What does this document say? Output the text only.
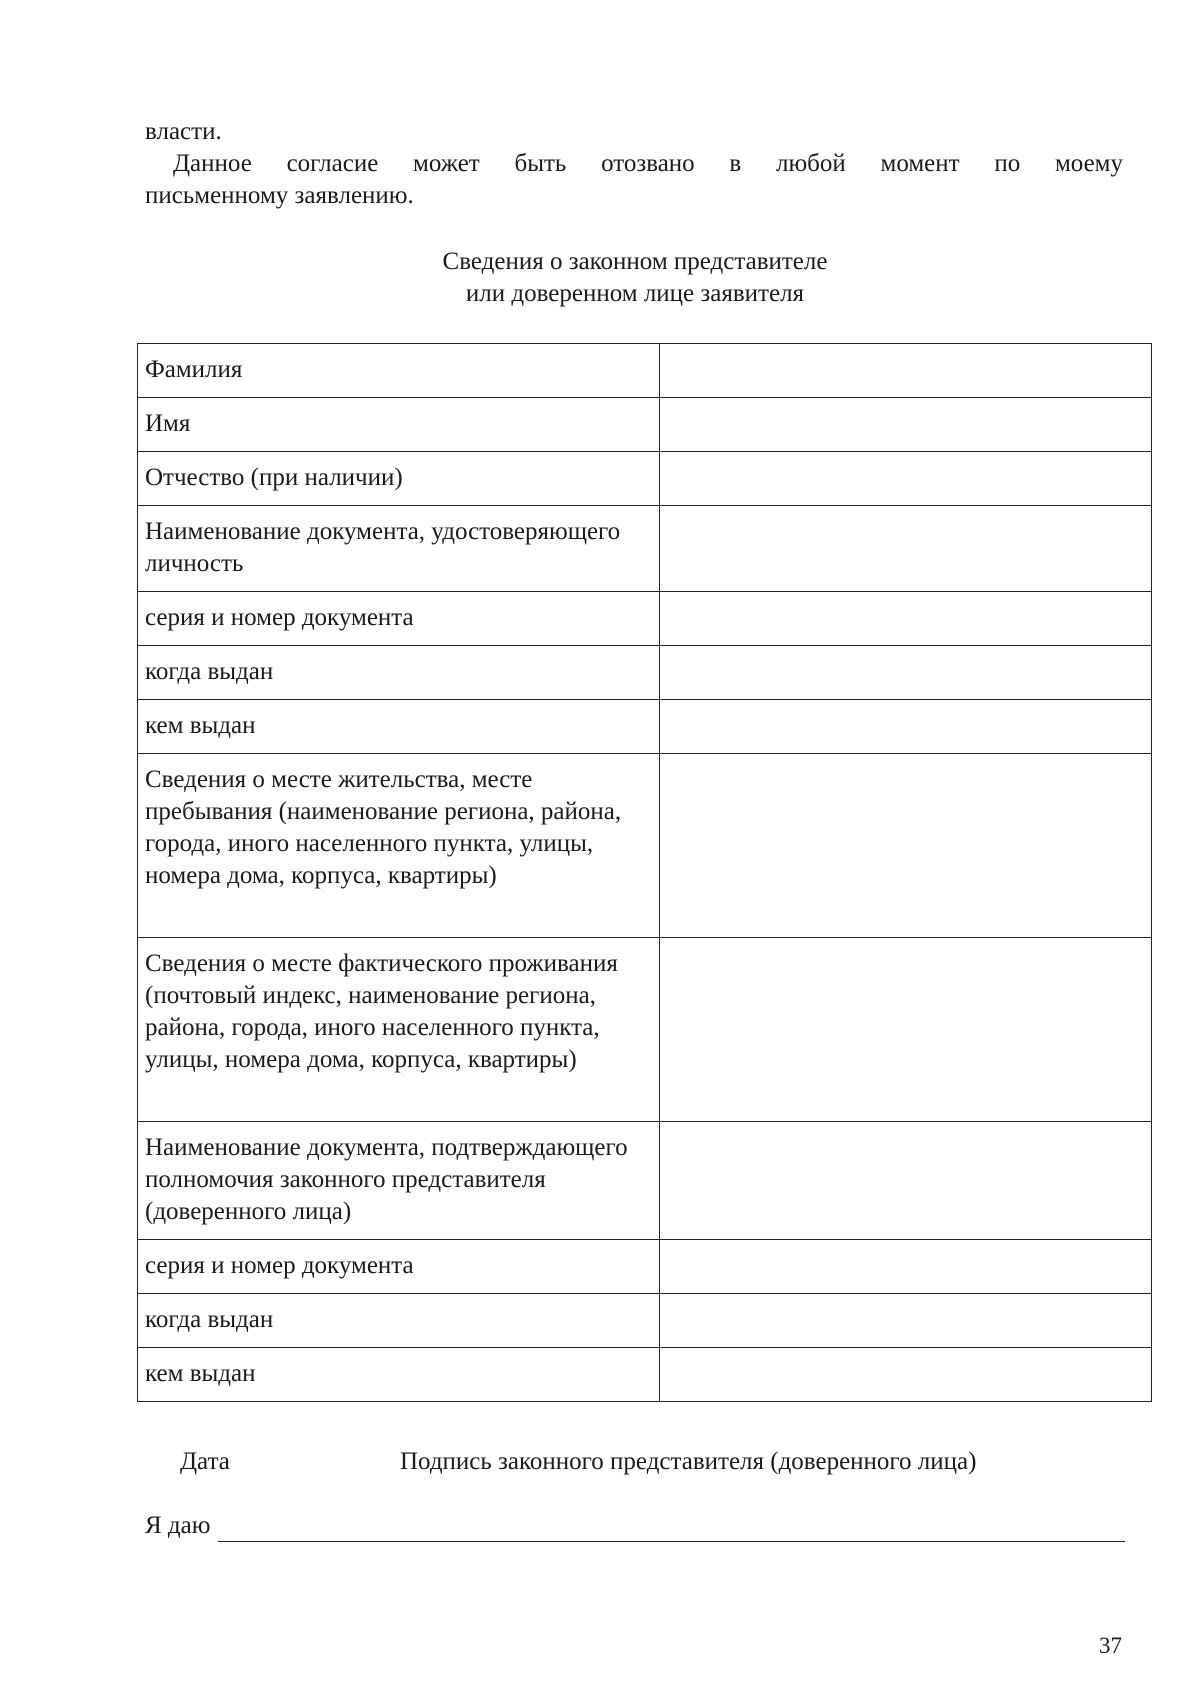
власти.
Данное согласие может быть отозвано в любой момент по моему
письменному заявлению.
Сведения о законном представителе
или доверенном лице заявителя
Фамилия	
Имя	
Отчество (при наличии)	
Наименование документа, удостоверяющего личность	
серия и номер документа	
когда выдан	
кем выдан	
Сведения о месте жительства, месте пребывания (наименование региона, района, города, иного населенного пункта, улицы, номера дома, корпуса, квартиры)	
Сведения о месте фактического проживания (почтовый индекс, наименование региона, района, города, иного населенного пункта, улицы, номера дома, корпуса, квартиры)	
Наименование документа, подтверждающего полномочия законного представителя (доверенного лица)	
серия и номер документа	
когда выдан	
кем выдан	
Дата	Подпись законного представителя (доверенного лица)
Я даю
37
